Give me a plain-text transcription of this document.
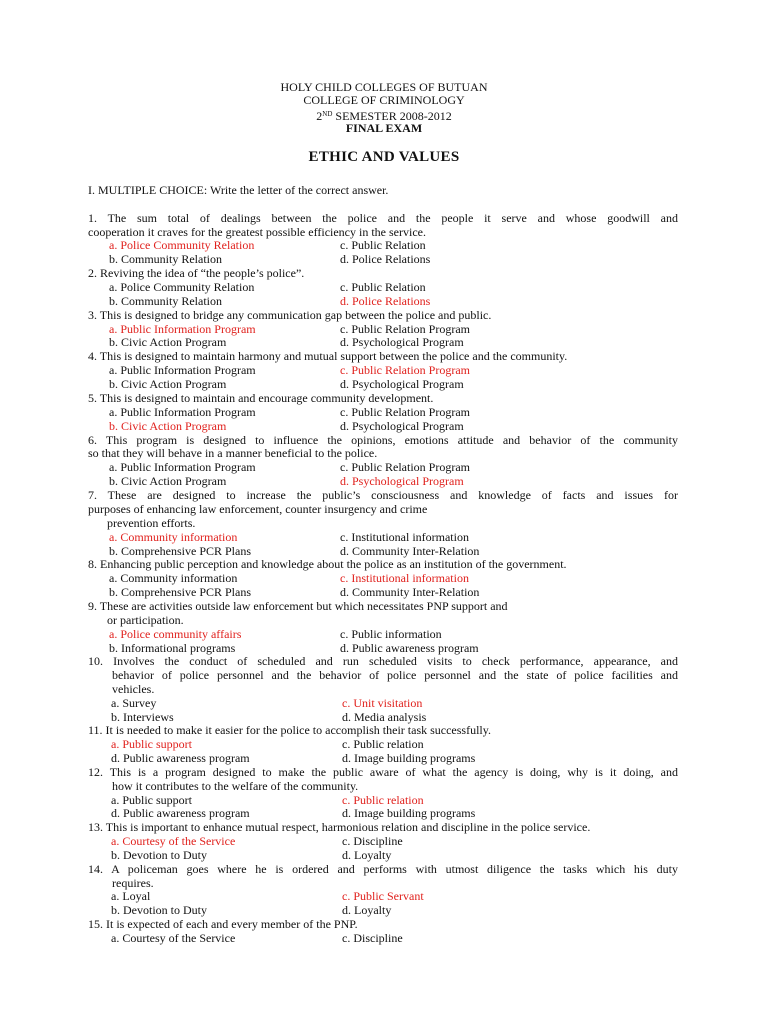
HOLY CHILD COLLEGES OF BUTUAN
COLLEGE OF CRIMINOLOGY
2ND SEMESTER 2008-2012
FINAL EXAM
ETHIC AND VALUES
I. MULTIPLE CHOICE: Write the letter of the correct answer.
1. The sum total of dealings between the police and the people it serve and whose goodwill and
cooperation it craves for the greatest possible efficiency in the service.
a. Police Community Relation	c. Public Relation
b. Community Relation	d. Police Relations
2. Reviving the idea of “the people’s police”.
a. Police Community Relation	c. Public Relation
b. Community Relation	d. Police Relations
3. This is designed to bridge any communication gap between the police and public.
a. Public Information Program	c. Public Relation Program
b. Civic Action Program	d. Psychological Program
4. This is designed to maintain harmony and mutual support between the police and the community.
a. Public Information Program	c. Public Relation Program
b. Civic Action Program	d. Psychological Program
5. This is designed to maintain and encourage community development.
a. Public Information Program	c. Public Relation Program
b. Civic Action Program	d. Psychological Program
6. This program is designed to influence the opinions, emotions attitude and behavior of the community
so that they will behave in a manner beneficial to the police.
a. Public Information Program	c. Public Relation Program
b. Civic Action Program	d. Psychological Program
7. These are designed to increase the public’s consciousness and knowledge of facts and issues for
purposes of enhancing law enforcement, counter insurgency and crime
prevention efforts.
a. Community information	c. Institutional information
b. Comprehensive PCR Plans	d. Community Inter-Relation
8. Enhancing public perception and knowledge about the police as an institution of the government.
a. Community information	c. Institutional information
b. Comprehensive PCR Plans	d. Community Inter-Relation
9. These are activities outside law enforcement but which necessitates PNP support and
or participation.
a. Police community affairs	c. Public information
b. Informational programs	d. Public awareness program
10. Involves the conduct of scheduled and run scheduled visits to check performance, appearance, and
behavior of police personnel and the behavior of police personnel and the state of police facilities and
vehicles.
a. Survey	c. Unit visitation
b. Interviews	d. Media analysis
11. It is needed to make it easier for the police to accomplish their task successfully.
a. Public support	c. Public relation
d. Public awareness program	d. Image building programs
12. This is a program designed to make the public aware of what the agency is doing, why is it doing, and
how it contributes to the welfare of the community.
a. Public support	c. Public relation
d. Public awareness program	d. Image building programs
13. This is important to enhance mutual respect, harmonious relation and discipline in the police service.
a. Courtesy of the Service	c. Discipline
b. Devotion to Duty	d. Loyalty
14. A policeman goes where he is ordered and performs with utmost diligence the tasks which his duty
requires.
a. Loyal	c. Public Servant
b. Devotion to Duty	d. Loyalty
15. It is expected of each and every member of the PNP.
a. Courtesy of the Service	c. Discipline
